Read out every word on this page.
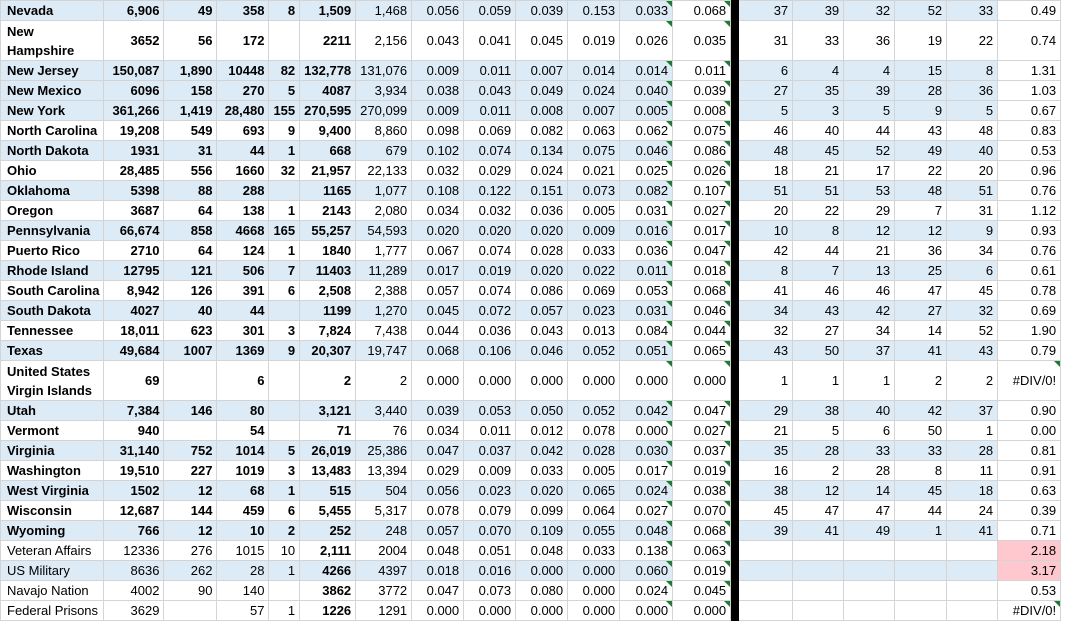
Nevada	6,906	49	358	8	1,509	1,468	0.056	0.059	0.039	0.153	0.033	0.068		37	39	32	52	33	0.49
New Hampshire	3652	56	172		2211	2,156	0.043	0.041	0.045	0.019	0.026	0.035		31	33	36	19	22	0.74
New Jersey	150,087	1,890	10448	82	132,778	131,076	0.009	0.011	0.007	0.014	0.014	0.011		6	4	4	15	8	1.31
New Mexico	6096	158	270	5	4087	3,934	0.038	0.043	0.049	0.024	0.040	0.039		27	35	39	28	36	1.03
New York	361,266	1,419	28,480	155	270,595	270,099	0.009	0.011	0.008	0.007	0.005	0.008		5	3	5	9	5	0.67
North Carolina	19,208	549	693	9	9,400	8,860	0.098	0.069	0.082	0.063	0.062	0.075		46	40	44	43	48	0.83
North Dakota	1931	31	44	1	668	679	0.102	0.074	0.134	0.075	0.046	0.086		48	45	52	49	40	0.53
Ohio	28,485	556	1660	32	21,957	22,133	0.032	0.029	0.024	0.021	0.025	0.026		18	21	17	22	20	0.96
Oklahoma	5398	88	288		1165	1,077	0.108	0.122	0.151	0.073	0.082	0.107		51	51	53	48	51	0.76
Oregon	3687	64	138	1	2143	2,080	0.034	0.032	0.036	0.005	0.031	0.027		20	22	29	7	31	1.12
Pennsylvania	66,674	858	4668	165	55,257	54,593	0.020	0.020	0.020	0.009	0.016	0.017		10	8	12	12	9	0.93
Puerto Rico	2710	64	124	1	1840	1,777	0.067	0.074	0.028	0.033	0.036	0.047		42	44	21	36	34	0.76
Rhode Island	12795	121	506	7	11403	11,289	0.017	0.019	0.020	0.022	0.011	0.018		8	7	13	25	6	0.61
South Carolina	8,942	126	391	6	2,508	2,388	0.057	0.074	0.086	0.069	0.053	0.068		41	46	46	47	45	0.78
South Dakota	4027	40	44		1199	1,270	0.045	0.072	0.057	0.023	0.031	0.046		34	43	42	27	32	0.69
Tennessee	18,011	623	301	3	7,824	7,438	0.044	0.036	0.043	0.013	0.084	0.044		32	27	34	14	52	1.90
Texas	49,684	1007	1369	9	20,307	19,747	0.068	0.106	0.046	0.052	0.051	0.065		43	50	37	41	43	0.79
United States Virgin Islands	69		6		2	2	0.000	0.000	0.000	0.000	0.000	0.000		1	1	1	2	2	#DIV/0!
Utah	7,384	146	80		3,121	3,440	0.039	0.053	0.050	0.052	0.042	0.047		29	38	40	42	37	0.90
Vermont	940		54		71	76	0.034	0.011	0.012	0.078	0.000	0.027		21	5	6	50	1	0.00
Virginia	31,140	752	1014	5	26,019	25,386	0.047	0.037	0.042	0.028	0.030	0.037		35	28	33	33	28	0.81
Washington	19,510	227	1019	3	13,483	13,394	0.029	0.009	0.033	0.005	0.017	0.019		16	2	28	8	11	0.91
West Virginia	1502	12	68	1	515	504	0.056	0.023	0.020	0.065	0.024	0.038		38	12	14	45	18	0.63
Wisconsin	12,687	144	459	6	5,455	5,317	0.078	0.079	0.099	0.064	0.027	0.070		45	47	47	44	24	0.39
Wyoming	766	12	10	2	252	248	0.057	0.070	0.109	0.055	0.048	0.068		39	41	49	1	41	0.71
Veteran Affairs	12336	276	1015	10	2,111	2004	0.048	0.051	0.048	0.033	0.138	0.063							2.18
US Military	8636	262	28	1	4266	4397	0.018	0.016	0.000	0.000	0.060	0.019							3.17
Navajo Nation	4002	90	140		3862	3772	0.047	0.073	0.080	0.000	0.024	0.045							0.53
Federal Prisons	3629		57	1	1226	1291	0.000	0.000	0.000	0.000	0.000	0.000							#DIV/0!
